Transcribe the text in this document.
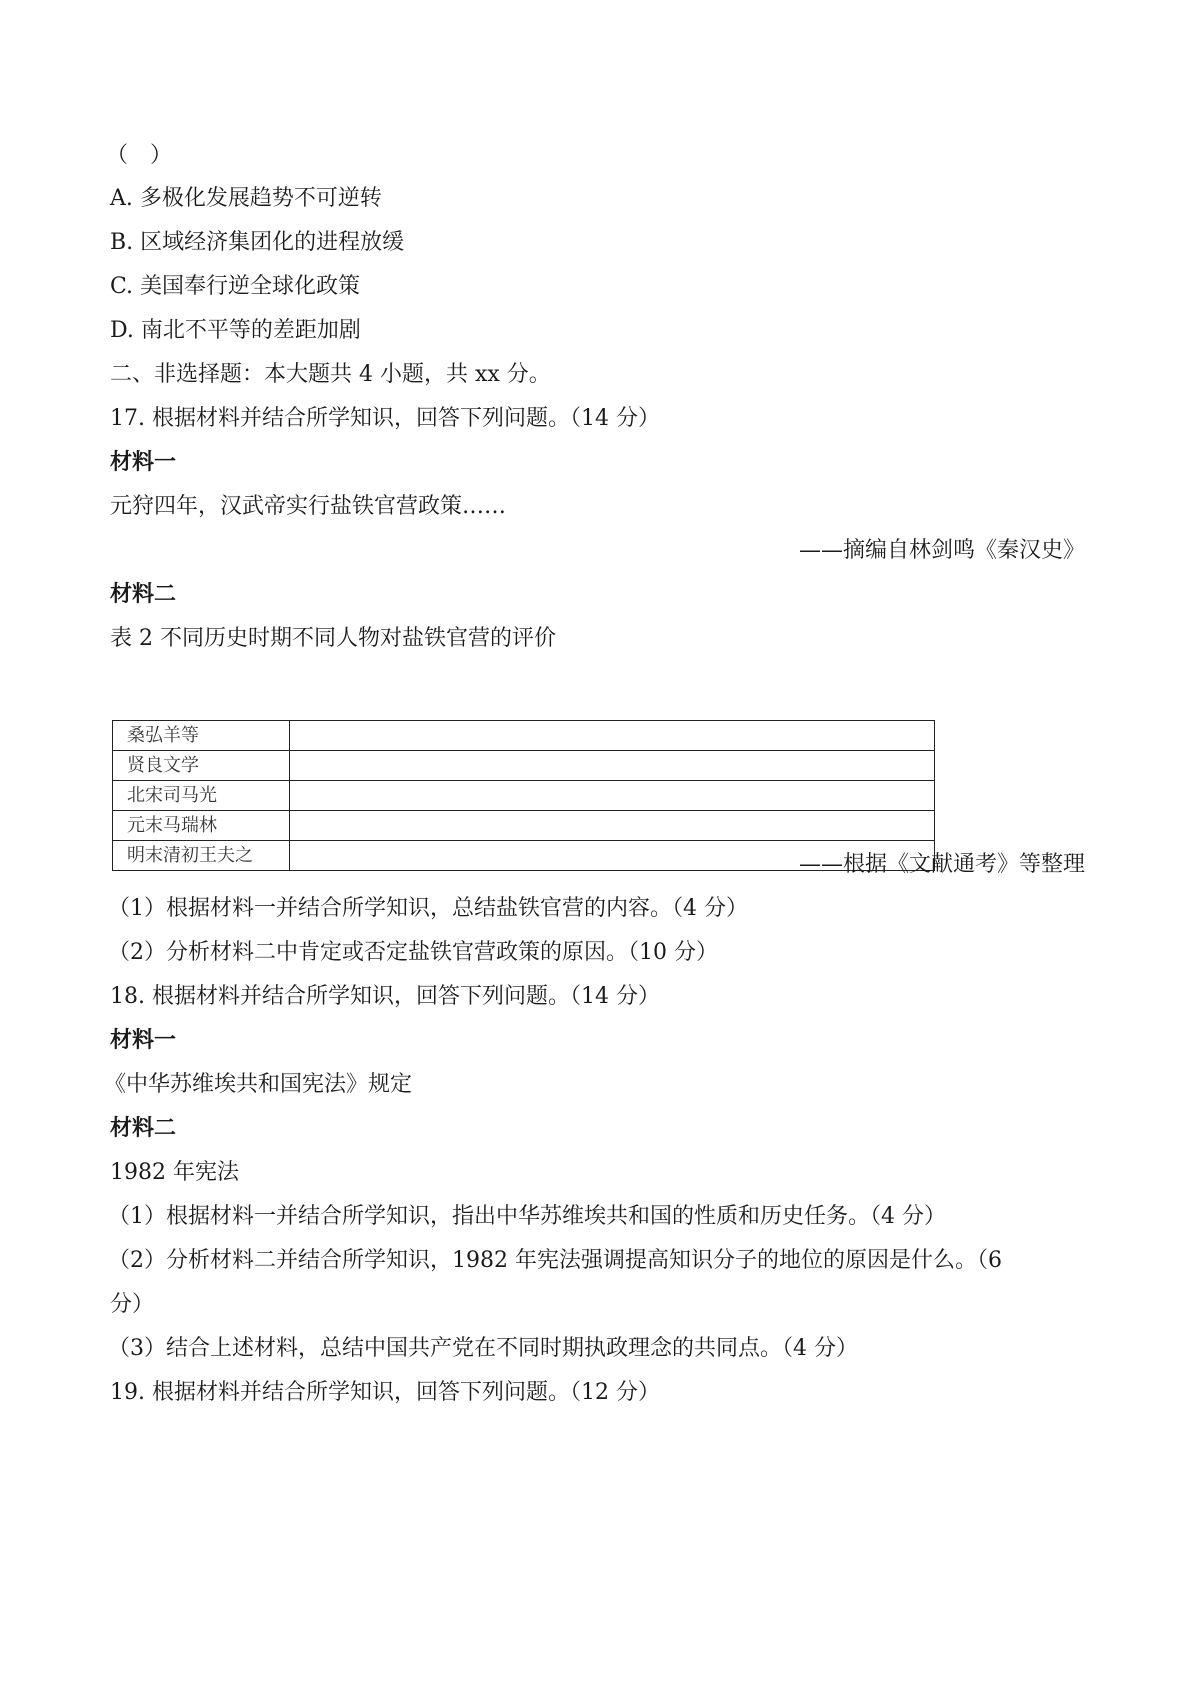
（　）
A. 多极化发展趋势不可逆转
B. 区域经济集团化的进程放缓
C. 美国奉行逆全球化政策
D. 南北不平等的差距加剧
二、非选择题：本大题共 4 小题，共 xx 分。
17. 根据材料并结合所学知识，回答下列问题。（14 分）
材料一
元狩四年，汉武帝实行盐铁官营政策……
——摘编自林剑鸣《秦汉史》
材料二
表 2 不同历史时期不同人物对盐铁官营的评价
桑弘羊等	
贤良文学	
北宋司马光	
元末马瑞林	
明末清初王夫之		——根据《文献通考》等整理
（1）根据材料一并结合所学知识，总结盐铁官营的内容。（4 分）
（2）分析材料二中肯定或否定盐铁官营政策的原因。（10 分）
18. 根据材料并结合所学知识，回答下列问题。（14 分）
材料一
《中华苏维埃共和国宪法》规定
材料二
1982 年宪法
（1）根据材料一并结合所学知识，指出中华苏维埃共和国的性质和历史任务。（4 分）
（2）分析材料二并结合所学知识，1982 年宪法强调提高知识分子的地位的原因是什么。（6
分）
（3）结合上述材料，总结中国共产党在不同时期执政理念的共同点。（4 分）
19. 根据材料并结合所学知识，回答下列问题。（12 分）
